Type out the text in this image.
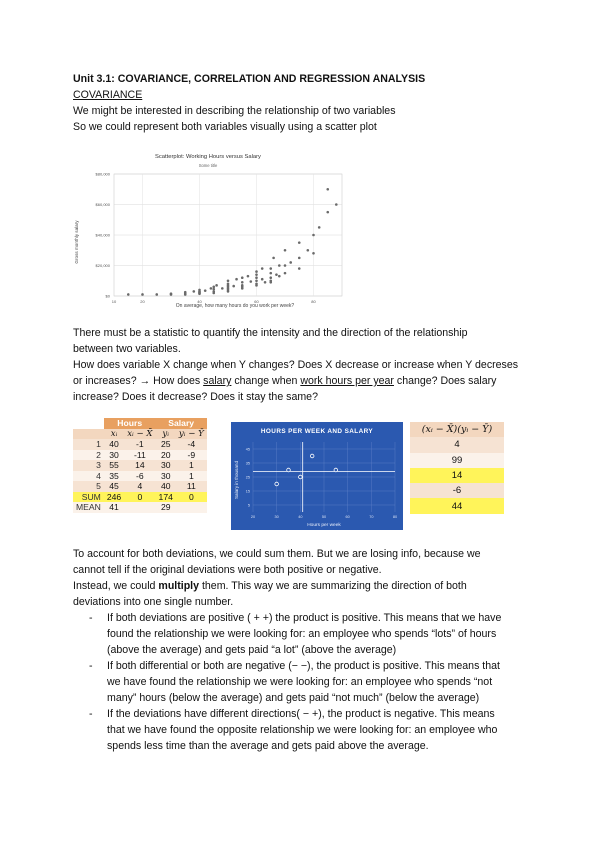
Unit 3.1: COVARIANCE, CORRELATION AND REGRESSION ANALYSIS
COVARIANCE
We might be interested in describing the relationship of two variables
So we could represent both variables visually using a scatter plot
Scatterplot: Working Hours versus Salary
Some title
$0
$20,000
$40,000
$60,000
$80,000
10	20	40	60	80
Gross monthly salary
On average, how many hours do you work per week?
There must be a statistic to quantify the intensity and the direction of the relationship
between two variables.
How does variable X change when Y changes? Does X decrease or increase when Y decreses
or increases? → How does salary change when work hours per year change? Does salary
increase? Does it decrease? Does it stay the same?
	Hours		Salary	
	xᵢ	xᵢ − X̄	yᵢ	yᵢ − Ȳ
1	40	-1	25	-4
2	30	-11	20	-9
3	55	14	30	1
4	35	-6	30	1
5	45	4	40	11
SUM	246	0	174	0
MEAN	41		29	
HOURS PER WEEK AND SALARY
5
15
25
35
45
20	30	40	50	60	70	80
Salary in thousand
Hours per week
(xᵢ − X̄)(yᵢ − Ȳ)
4
99
14
-6
44
To account for both deviations, we could sum them. But we are losing info, because we
cannot tell if the original deviations were both positive or negative.
Instead, we could multiply them. This way we are summarizing the direction of both
deviations into one single number.
- If both deviations are positive ( + +) the product is positive. This means that we have
found the relationship we were looking for: an employee who spends “lots” of hours
(above the average) and gets paid “a lot” (above the average)
- If both differential or both are negative (− −), the product is positive. This means that
we have found the relationship we were looking for: an employee who spends “not
many” hours (below the average) and gets paid “not much” (below the average)
- If the deviations have different directions( − +), the product is negative. This means
that we have found the opposite relationship we were looking for: an employee who
spends less time than the average and gets paid above the average.
